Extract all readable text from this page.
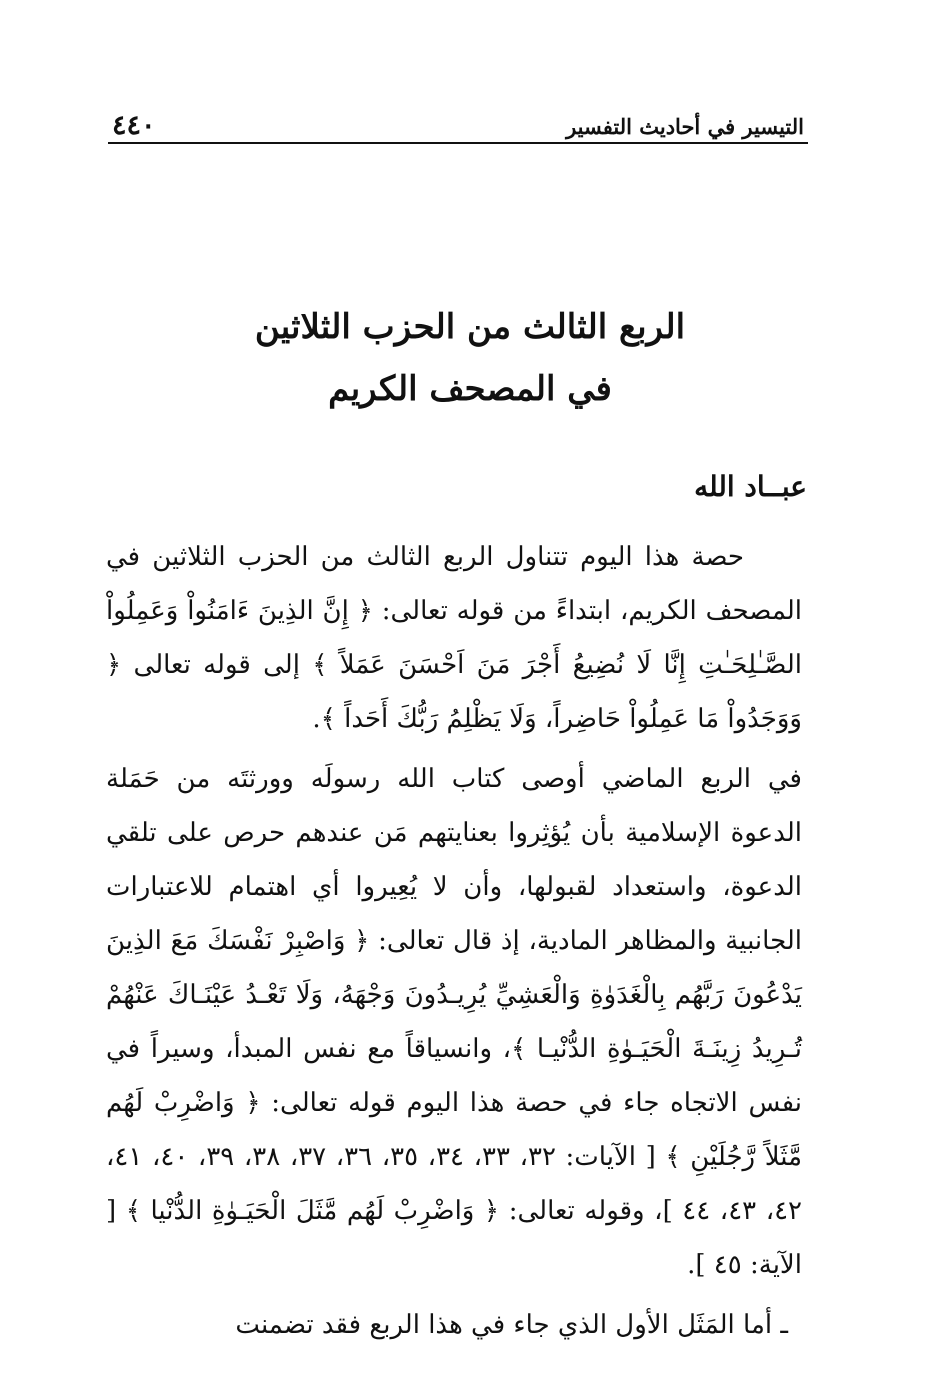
٤٤٠	التيسير في أحاديث التفسير
الربع الثالث من الحزب الثلاثين
في المصحف الكريم
عبــاد الله

حصة هذا اليوم تتناول الربع الثالث من الحزب الثلاثين في المصحف الكريم، ابتداءً من قوله تعالى: ﴿ إِنَّ الذِينَ ءَامَنُواْ وَعَمِلُواْ الصَّـٰلِحَـٰتِ إِنَّا لَا نُضِيعُ أَجْرَ مَنَ اَحْسَنَ عَمَلاً ﴾ إلى قوله تعالى ﴿ وَوَجَدُواْ مَا عَمِلُواْ حَاضِراً، وَلَا يَظْلِمُ رَبُّكَ أَحَداً ﴾.

في الربع الماضي أوصى كتاب الله رسولَه وورثتَه من حَمَلة الدعوة الإسلامية بأن يُؤثِروا بعنايتهم مَن عندهم حرص على تلقي الدعوة، واستعداد لقبولها، وأن لا يُعِيروا أي اهتمام للاعتبارات الجانبية والمظاهر المادية، إذ قال تعالى: ﴿ وَاصْبِرْ نَفْسَكَ مَعَ الذِينَ يَدْعُونَ رَبَّهُم بِالْغَدَوٰةِ وَالْعَشِيِّ يُرِيـدُونَ وَجْهَهُ، وَلَا تَعْـدُ عَيْنَـاكَ عَنْهُمْ تُـرِيدُ زِينَـةَ الْحَيَـوٰةِ الدُّنْيـا ﴾، وانسياقاً مع نفس المبدأ، وسيراً في نفس الاتجاه جاء في حصة هذا اليوم قوله تعالى: ﴿ وَاضْرِبْ لَهُم مَّثَلاً رَّجُلَيْنِ ﴾ [ الآيات: ٣٢، ٣٣، ٣٤، ٣٥، ٣٦، ٣٧، ٣٨، ٣٩، ٤٠، ٤١، ٤٢، ٤٣، ٤٤ ]، وقوله تعالى: ﴿ وَاضْرِبْ لَهُم مَّثَلَ الْحَيَـوٰةِ الدُّنْيا ﴾ [ الآية: ٤٥ ].

ـ أما المَثَل الأول الذي جاء في هذا الربع فقد تضمنت
